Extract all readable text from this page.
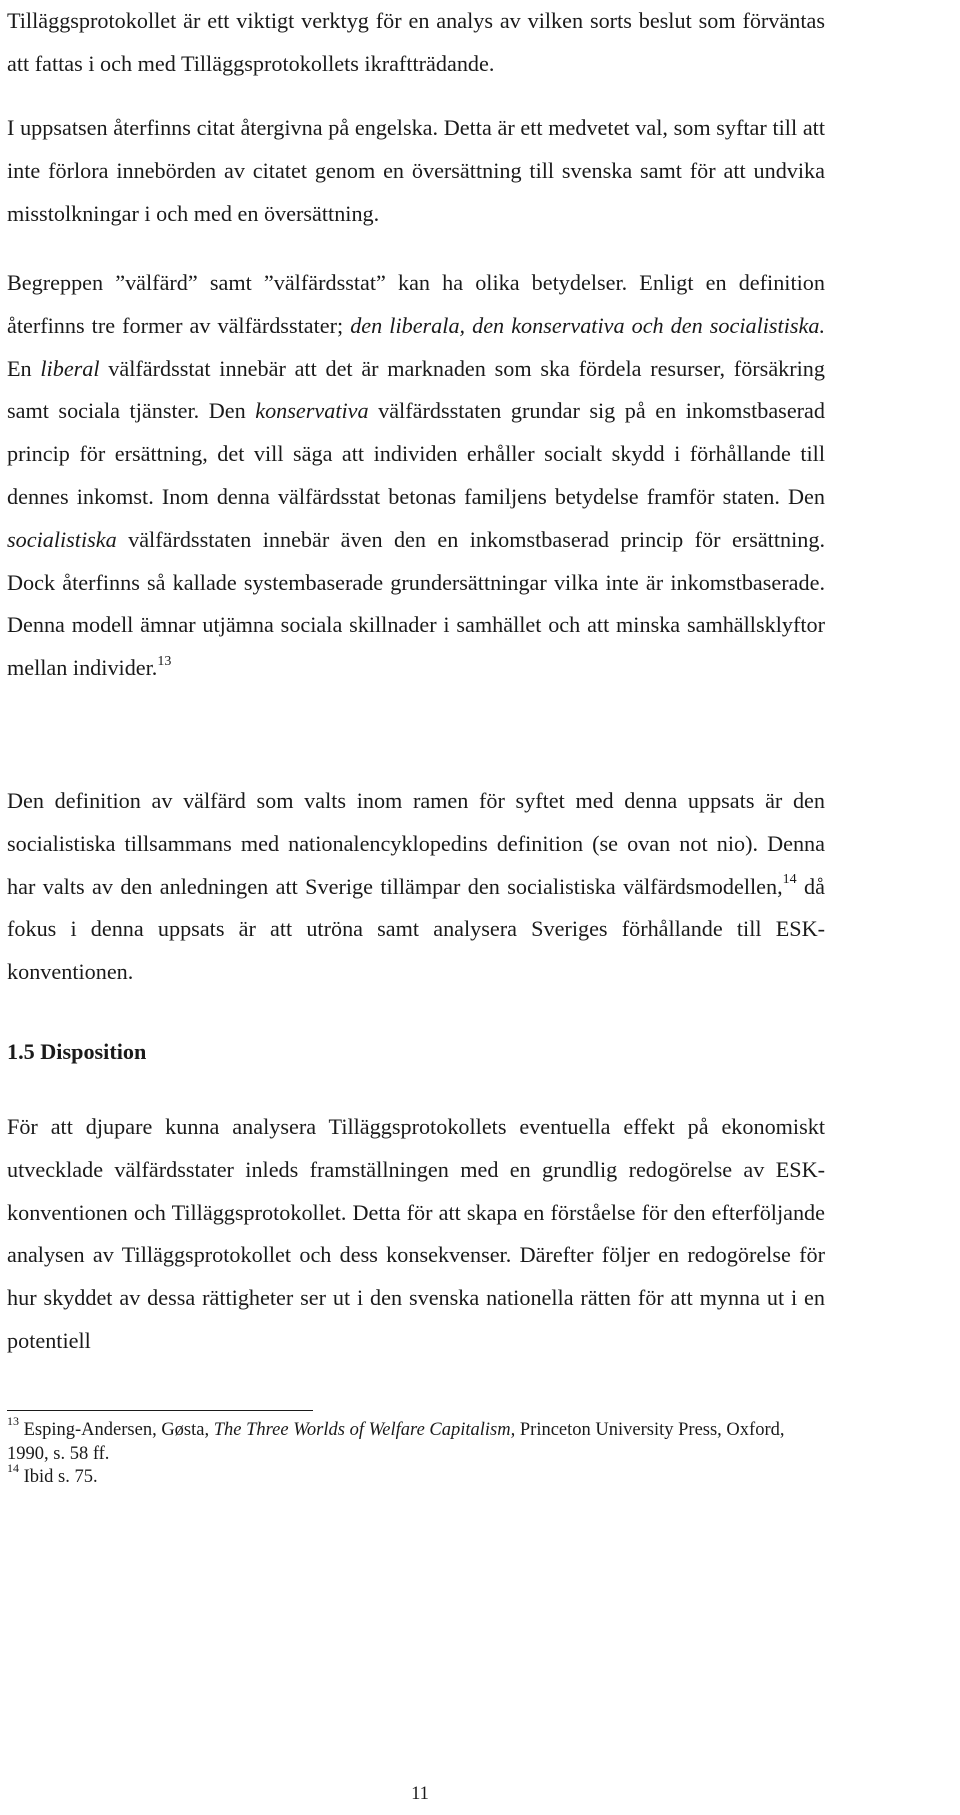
Tilläggsprotokollet är ett viktigt verktyg för en analys av vilken sorts beslut som förväntas att fattas i och med Tilläggsprotokollets ikraftträdande.

I uppsatsen återfinns citat återgivna på engelska. Detta är ett medvetet val, som syftar till att inte förlora innebörden av citatet genom en översättning till svenska samt för att undvika misstolkningar i och med en översättning.

Begreppen ”välfärd” samt ”välfärdsstat” kan ha olika betydelser. Enligt en definition återfinns tre former av välfärdsstater; den liberala, den konservativa och den socialistiska. En liberal välfärdsstat innebär att det är marknaden som ska fördela resurser, försäkring samt sociala tjänster. Den konservativa välfärdsstaten grundar sig på en inkomstbaserad princip för ersättning, det vill säga att individen erhåller socialt skydd i förhållande till dennes inkomst. Inom denna välfärdsstat betonas familjens betydelse framför staten. Den socialistiska välfärdsstaten innebär även den en inkomstbaserad princip för ersättning. Dock återfinns så kallade systembaserade grundersättningar vilka inte är inkomstbaserade. Denna modell ämnar utjämna sociala skillnader i samhället och att minska samhällsklyftor mellan individer.$^{13}$

Den definition av välfärd som valts inom ramen för syftet med denna uppsats är den socialistiska tillsammans med nationalencyklopedins definition (se ovan not nio). Denna har valts av den anledningen att Sverige tillämpar den socialistiska välfärdsmodellen,$^{14}$ då fokus i denna uppsats är att utröna samt analysera Sveriges förhållande till ESK-konventionen.

1.5 Disposition

För att djupare kunna analysera Tilläggsprotokollets eventuella effekt på ekonomiskt utvecklade välfärdsstater inleds framställningen med en grundlig redogörelse av ESK-konventionen och Tilläggsprotokollet. Detta för att skapa en förståelse för den efterföljande analysen av Tilläggsprotokollet och dess konsekvenser. Därefter följer en redogörelse för hur skyddet av dessa rättigheter ser ut i den svenska nationella rätten för att mynna ut i en potentiell

$^{13}$ Esping-Andersen, Gøsta, The Three Worlds of Welfare Capitalism, Princeton University Press, Oxford, 1990, s. 58 ff.

$^{14}$ Ibid s. 75.

11
